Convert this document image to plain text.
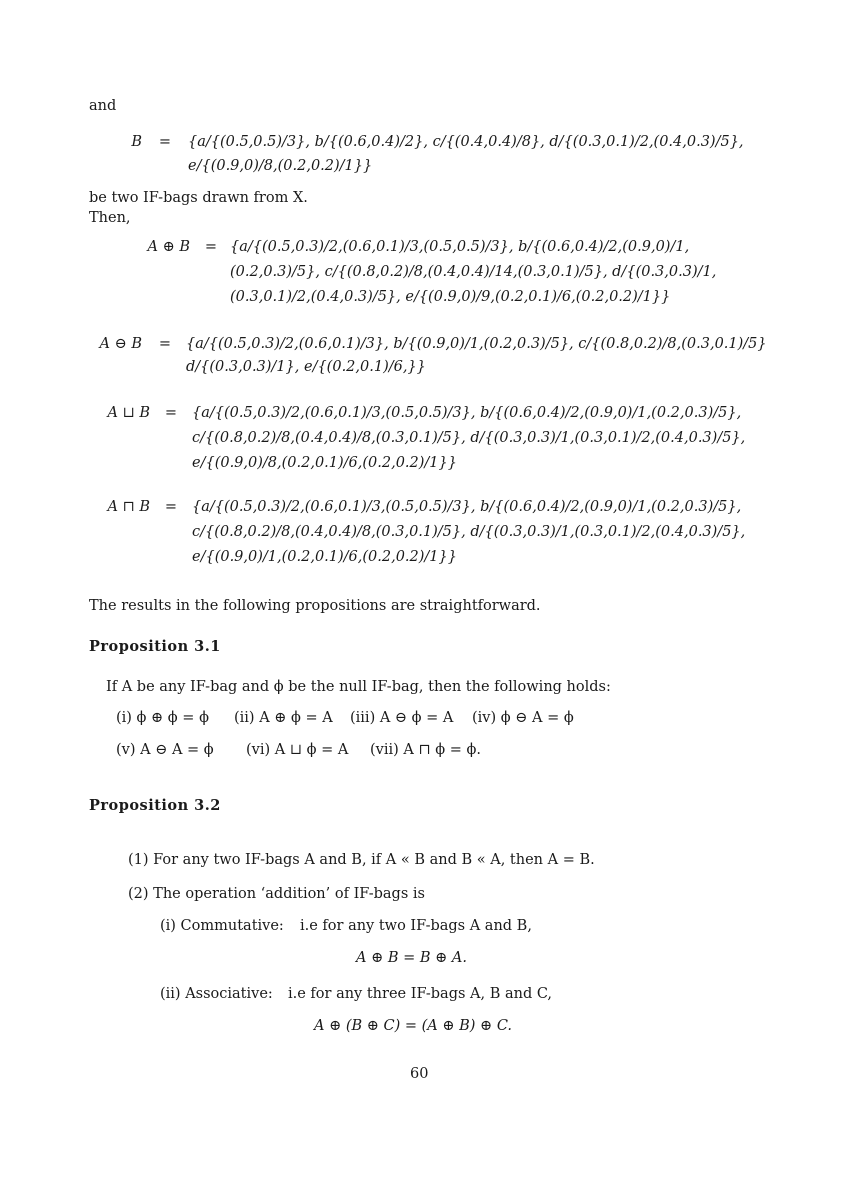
and
B	=	{a/{(0.5,0.5)/3}, b/{(0.6,0.4)/2}, c/{(0.4,0.4)/8}, d/{(0.3,0.1)/2,(0.4,0.3)/5},
e/{(0.9,0)/8,(0.2,0.2)/1}}
be two IF-bags drawn from X.
Then,
A ⊕ B	= {a/{(0.5,0.3)/2,(0.6,0.1)/3,(0.5,0.5)/3}, b/{(0.6,0.4)/2,(0.9,0)/1,
(0.2,0.3)/5}, c/{(0.8,0.2)/8,(0.4,0.4)/14,(0.3,0.1)/5}, d/{(0.3,0.3)/1,
(0.3,0.1)/2,(0.4,0.3)/5}, e/{(0.9,0)/9,(0.2,0.1)/6,(0.2,0.2)/1}}
A ⊖ B	=	{a/{(0.5,0.3)/2,(0.6,0.1)/3}, b/{(0.9,0)/1,(0.2,0.3)/5}, c/{(0.8,0.2)/8,(0.3,0.1)/5}
d/{(0.3,0.3)/1}, e/{(0.2,0.1)/6,}}
A ⊔ B	=	{a/{(0.5,0.3)/2,(0.6,0.1)/3,(0.5,0.5)/3}, b/{(0.6,0.4)/2,(0.9,0)/1,(0.2,0.3)/5},
c/{(0.8,0.2)/8,(0.4,0.4)/8,(0.3,0.1)/5}, d/{(0.3,0.3)/1,(0.3,0.1)/2,(0.4,0.3)/5},
e/{(0.9,0)/8,(0.2,0.1)/6,(0.2,0.2)/1}}
A ⊓ B	=	{a/{(0.5,0.3)/2,(0.6,0.1)/3,(0.5,0.5)/3}, b/{(0.6,0.4)/2,(0.9,0)/1,(0.2,0.3)/5},
c/{(0.8,0.2)/8,(0.4,0.4)/8,(0.3,0.1)/5}, d/{(0.3,0.3)/1,(0.3,0.1)/2,(0.4,0.3)/5},
e/{(0.9,0)/1,(0.2,0.1)/6,(0.2,0.2)/1}}
The results in the following propositions are straightforward.
Proposition 3.1
If A be any IF-bag and ϕ be the null IF-bag, then the following holds:
(i) ϕ ⊕ ϕ = ϕ (ii) A ⊕ ϕ = A (iii) A ⊖ ϕ = A (iv) ϕ ⊖ A = ϕ
(v) A ⊖ A = ϕ (vi) A ⊔ ϕ = A (vii) A ⊓ ϕ = ϕ.
Proposition 3.2
(1) For any two IF-bags A and B, if A « B and B « A, then A = B.
(2) The operation ‘addition’ of IF-bags is
(i) Commutative: i.e for any two IF-bags A and B,
A ⊕ B = B ⊕ A.
(ii) Associative: i.e for any three IF-bags A, B and C,
A ⊕ (B ⊕ C) = (A ⊕ B) ⊕ C.
60
